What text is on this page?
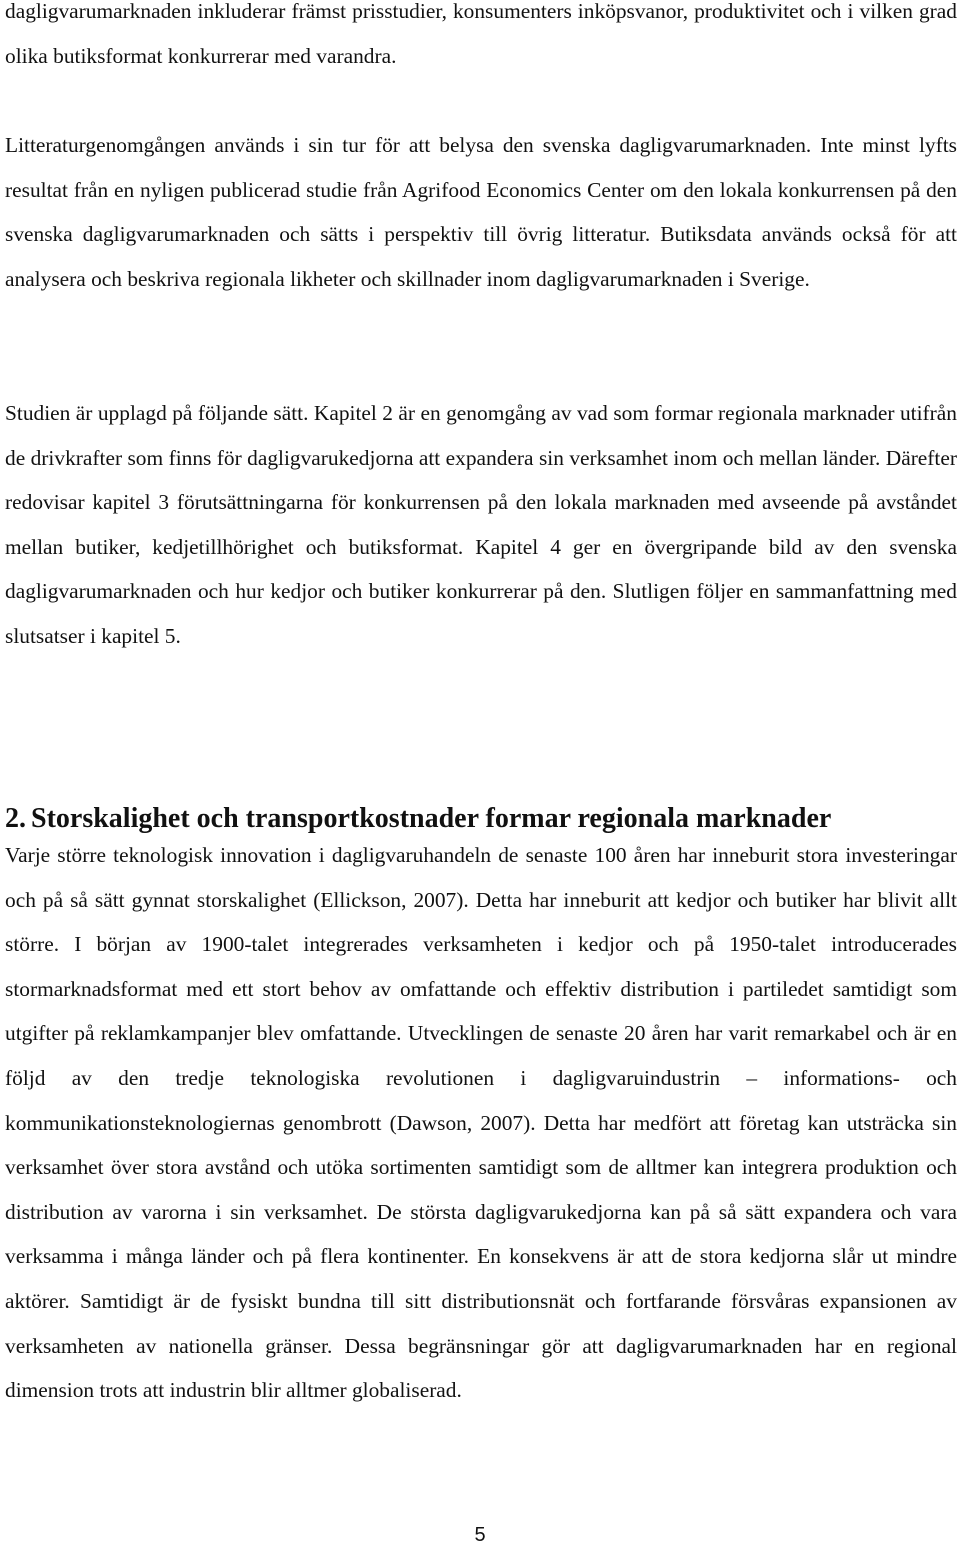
dagligvarumarknaden inkluderar främst prisstudier, konsumenters inköpsvanor, produktivitet och i vilken grad olika butiksformat konkurrerar med varandra.

Litteraturgenomgången används i sin tur för att belysa den svenska dagligvarumarknaden. Inte minst lyfts resultat från en nyligen publicerad studie från Agrifood Economics Center om den lokala konkurrensen på den svenska dagligvarumarknaden och sätts i perspektiv till övrig litteratur. Butiksdata används också för att analysera och beskriva regionala likheter och skillnader inom dagligvarumarknaden i Sverige.

Studien är upplagd på följande sätt. Kapitel 2 är en genomgång av vad som formar regionala marknader utifrån de drivkrafter som finns för dagligvarukedjorna att expandera sin verksamhet inom och mellan länder. Därefter redovisar kapitel 3 förutsättningarna för konkurrensen på den lokala marknaden med avseende på avståndet mellan butiker, kedjetillhörighet och butiksformat. Kapitel 4 ger en övergripande bild av den svenska dagligvarumarknaden och hur kedjor och butiker konkurrerar på den. Slutligen följer en sammanfattning med slutsatser i kapitel 5.

2. Storskalighet och transportkostnader formar regionala marknader

Varje större teknologisk innovation i dagligvaruhandeln de senaste 100 åren har inneburit stora investeringar och på så sätt gynnat storskalighet (Ellickson, 2007). Detta har inneburit att kedjor och butiker har blivit allt större. I början av 1900-talet integrerades verksamheten i kedjor och på 1950-talet introducerades stormarknadsformat med ett stort behov av omfattande och effektiv distribution i partiledet samtidigt som utgifter på reklamkampanjer blev omfattande. Utvecklingen de senaste 20 åren har varit remarkabel och är en följd av den tredje teknologiska revolutionen i dagligvaruindustrin – informations- och kommunikationsteknologiernas genombrott (Dawson, 2007). Detta har medfört att företag kan utsträcka sin verksamhet över stora avstånd och utöka sortimenten samtidigt som de alltmer kan integrera produktion och distribution av varorna i sin verksamhet. De största dagligvarukedjorna kan på så sätt expandera och vara verksamma i många länder och på flera kontinenter. En konsekvens är att de stora kedjorna slår ut mindre aktörer. Samtidigt är de fysiskt bundna till sitt distributionsnät och fortfarande försvåras expansionen av verksamheten av nationella gränser. Dessa begränsningar gör att dagligvarumarknaden har en regional dimension trots att industrin blir alltmer globaliserad.

5
